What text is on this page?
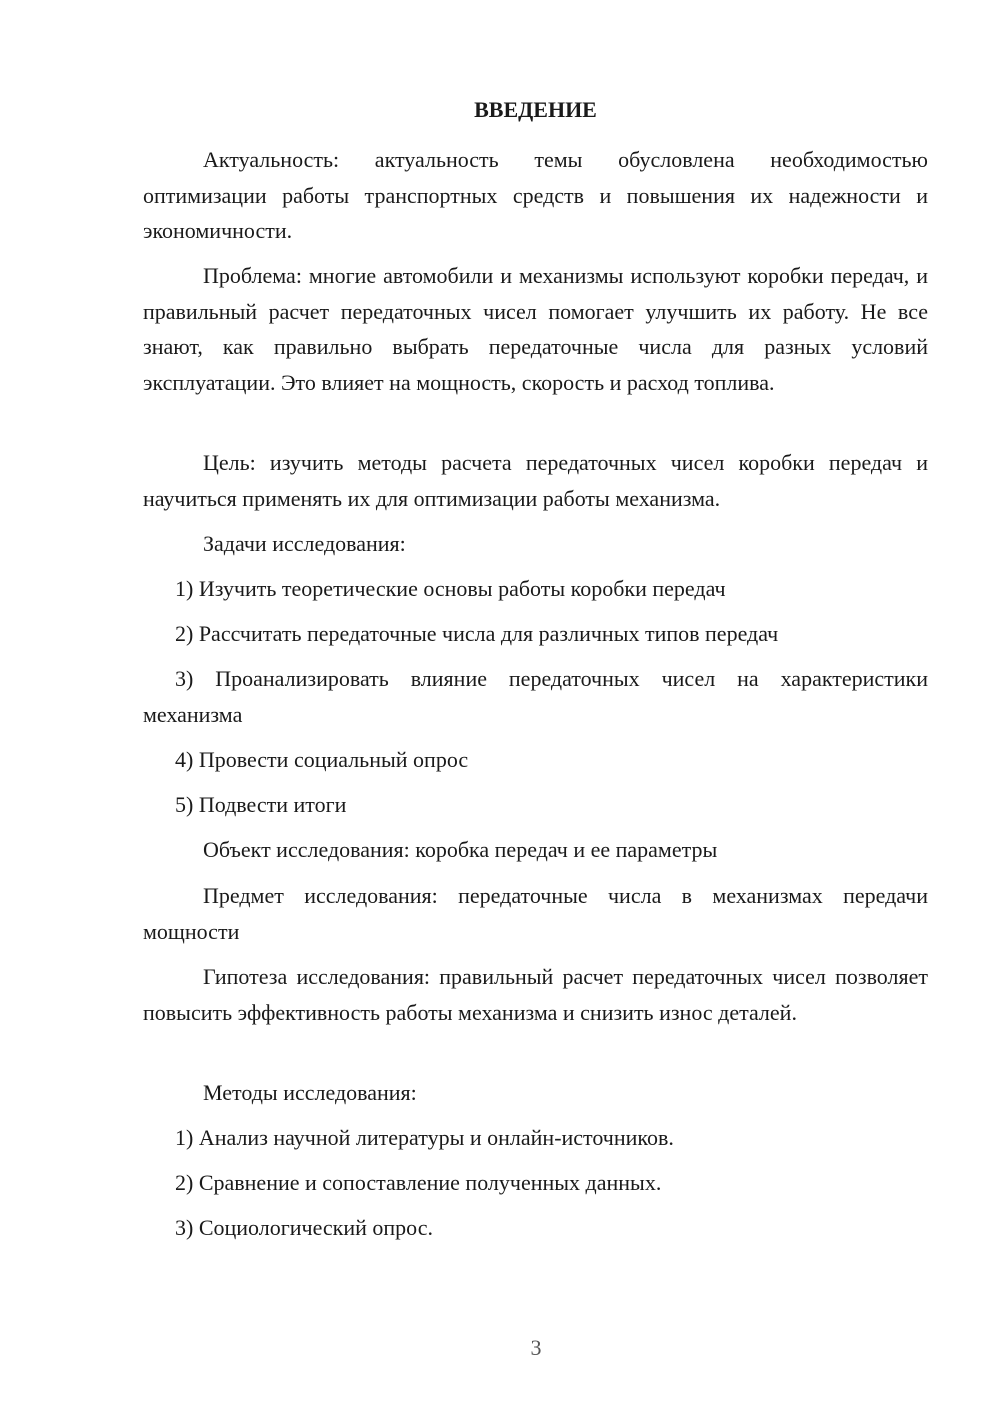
ВВЕДЕНИЕ

Актуальность: актуальность темы обусловлена необходимостью оптимизации работы транспортных средств и повышения их надежности и экономичности.

Проблема: многие автомобили и механизмы используют коробки передач, и правильный расчет передаточных чисел помогает улучшить их работу. Не все знают, как правильно выбрать передаточные числа для разных условий эксплуатации. Это влияет на мощность, скорость и расход топлива.

Цель: изучить методы расчета передаточных чисел коробки передач и научиться применять их для оптимизации работы механизма.

Задачи исследования:

1) Изучить теоретические основы работы коробки передач

2) Рассчитать передаточные числа для различных типов передач

3) Проанализировать влияние передаточных чисел на характеристики механизма

4) Провести социальный опрос

5) Подвести итоги

Объект исследования: коробка передач и ее параметры

Предмет исследования: передаточные числа в механизмах передачи мощности

Гипотеза исследования: правильный расчет передаточных чисел позволяет повысить эффективность работы механизма и снизить износ деталей.

Методы исследования:

1) Анализ научной литературы и онлайн-источников.

2) Сравнение и сопоставление полученных данных.

3) Социологический опрос.

3
